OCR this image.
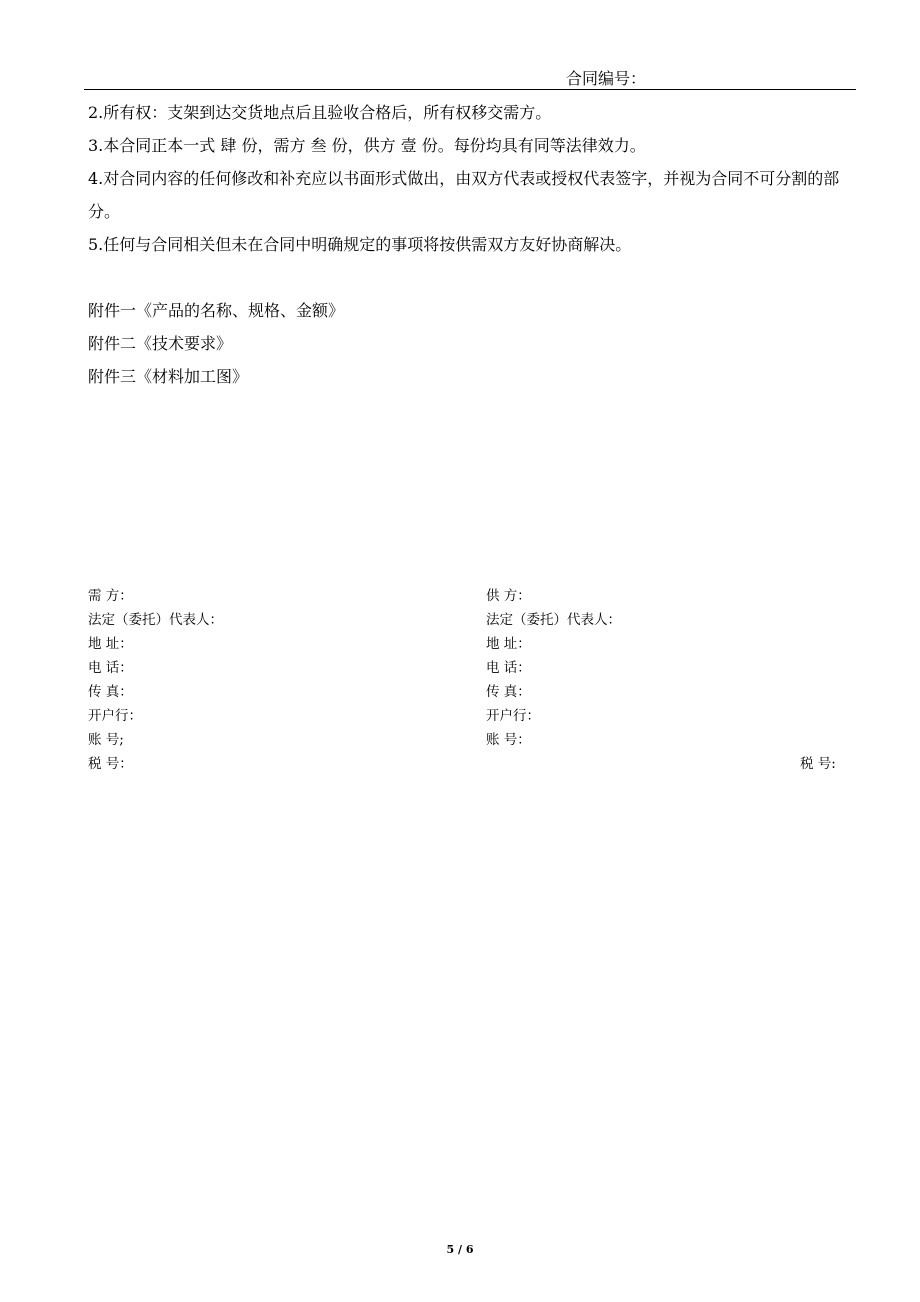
合同编号：

2.所有权：支架到达交货地点后且验收合格后，所有权移交需方。

3.本合同正本一式 肆 份，需方 叁 份，供方 壹 份。每份均具有同等法律效力。

4.对合同内容的任何修改和补充应以书面形式做出，由双方代表或授权代表签字，并视为合同不可分割的部分。

5.任何与合同相关但未在合同中明确规定的事项将按供需双方友好协商解决。

附件一《产品的名称、规格、金额》

附件二《技术要求》

附件三《材料加工图》

需 方：

法定（委托）代表人：

地 址：

电 话：

传 真：

开户行：

账 号;

税 号：

供 方：

法定（委托）代表人：

地 址：

电 话：

传 真：

开户行：

账 号：

税 号:
5 / 6
